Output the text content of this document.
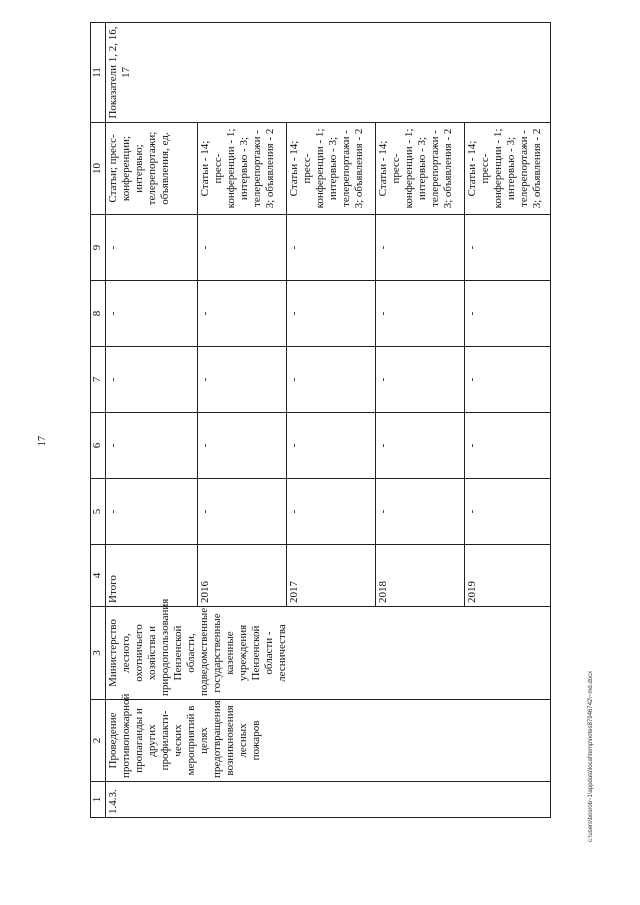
17
c:\users\bosrob~1\appdata\local\temp\notes87946742\~md.docx
1	2	3	4	5	6	7	8	9	10	11
1.4.3.	Проведение противопожарной пропаганды и других профилакти-ческих мероприятий в целях предотвращения возникновения лесных пожаров	Министерство лесного, охотничьего хозяйства и природопользования Пензенской области, подведомственные государственные казенные учреждения Пензенской области - лесничества	Итого	-	-	-	-	-	Статьи; пресс-конференции; интервью; телерепортажи; объявления, ед.	Показатели 1, 2, 16, 17
			2016	-	-	-	-	-	Статьи - 14; пресс-конференции - 1; интервью - 3; телерепортажи - 3; объявления - 2	
			2017	-	-	-	-	-	Статьи - 14; пресс-конференции - 1; интервью - 3; телерепортажи - 3; объявления - 2	
			2018	-	-	-	-	-	Статьи - 14; пресс-конференции - 1; интервью - 3; телерепортажи - 3; объявления - 2	
			2019	-	-	-	-	-	Статьи - 14; пресс-конференции - 1; интервью - 3; телерепортажи - 3; объявления - 2	
